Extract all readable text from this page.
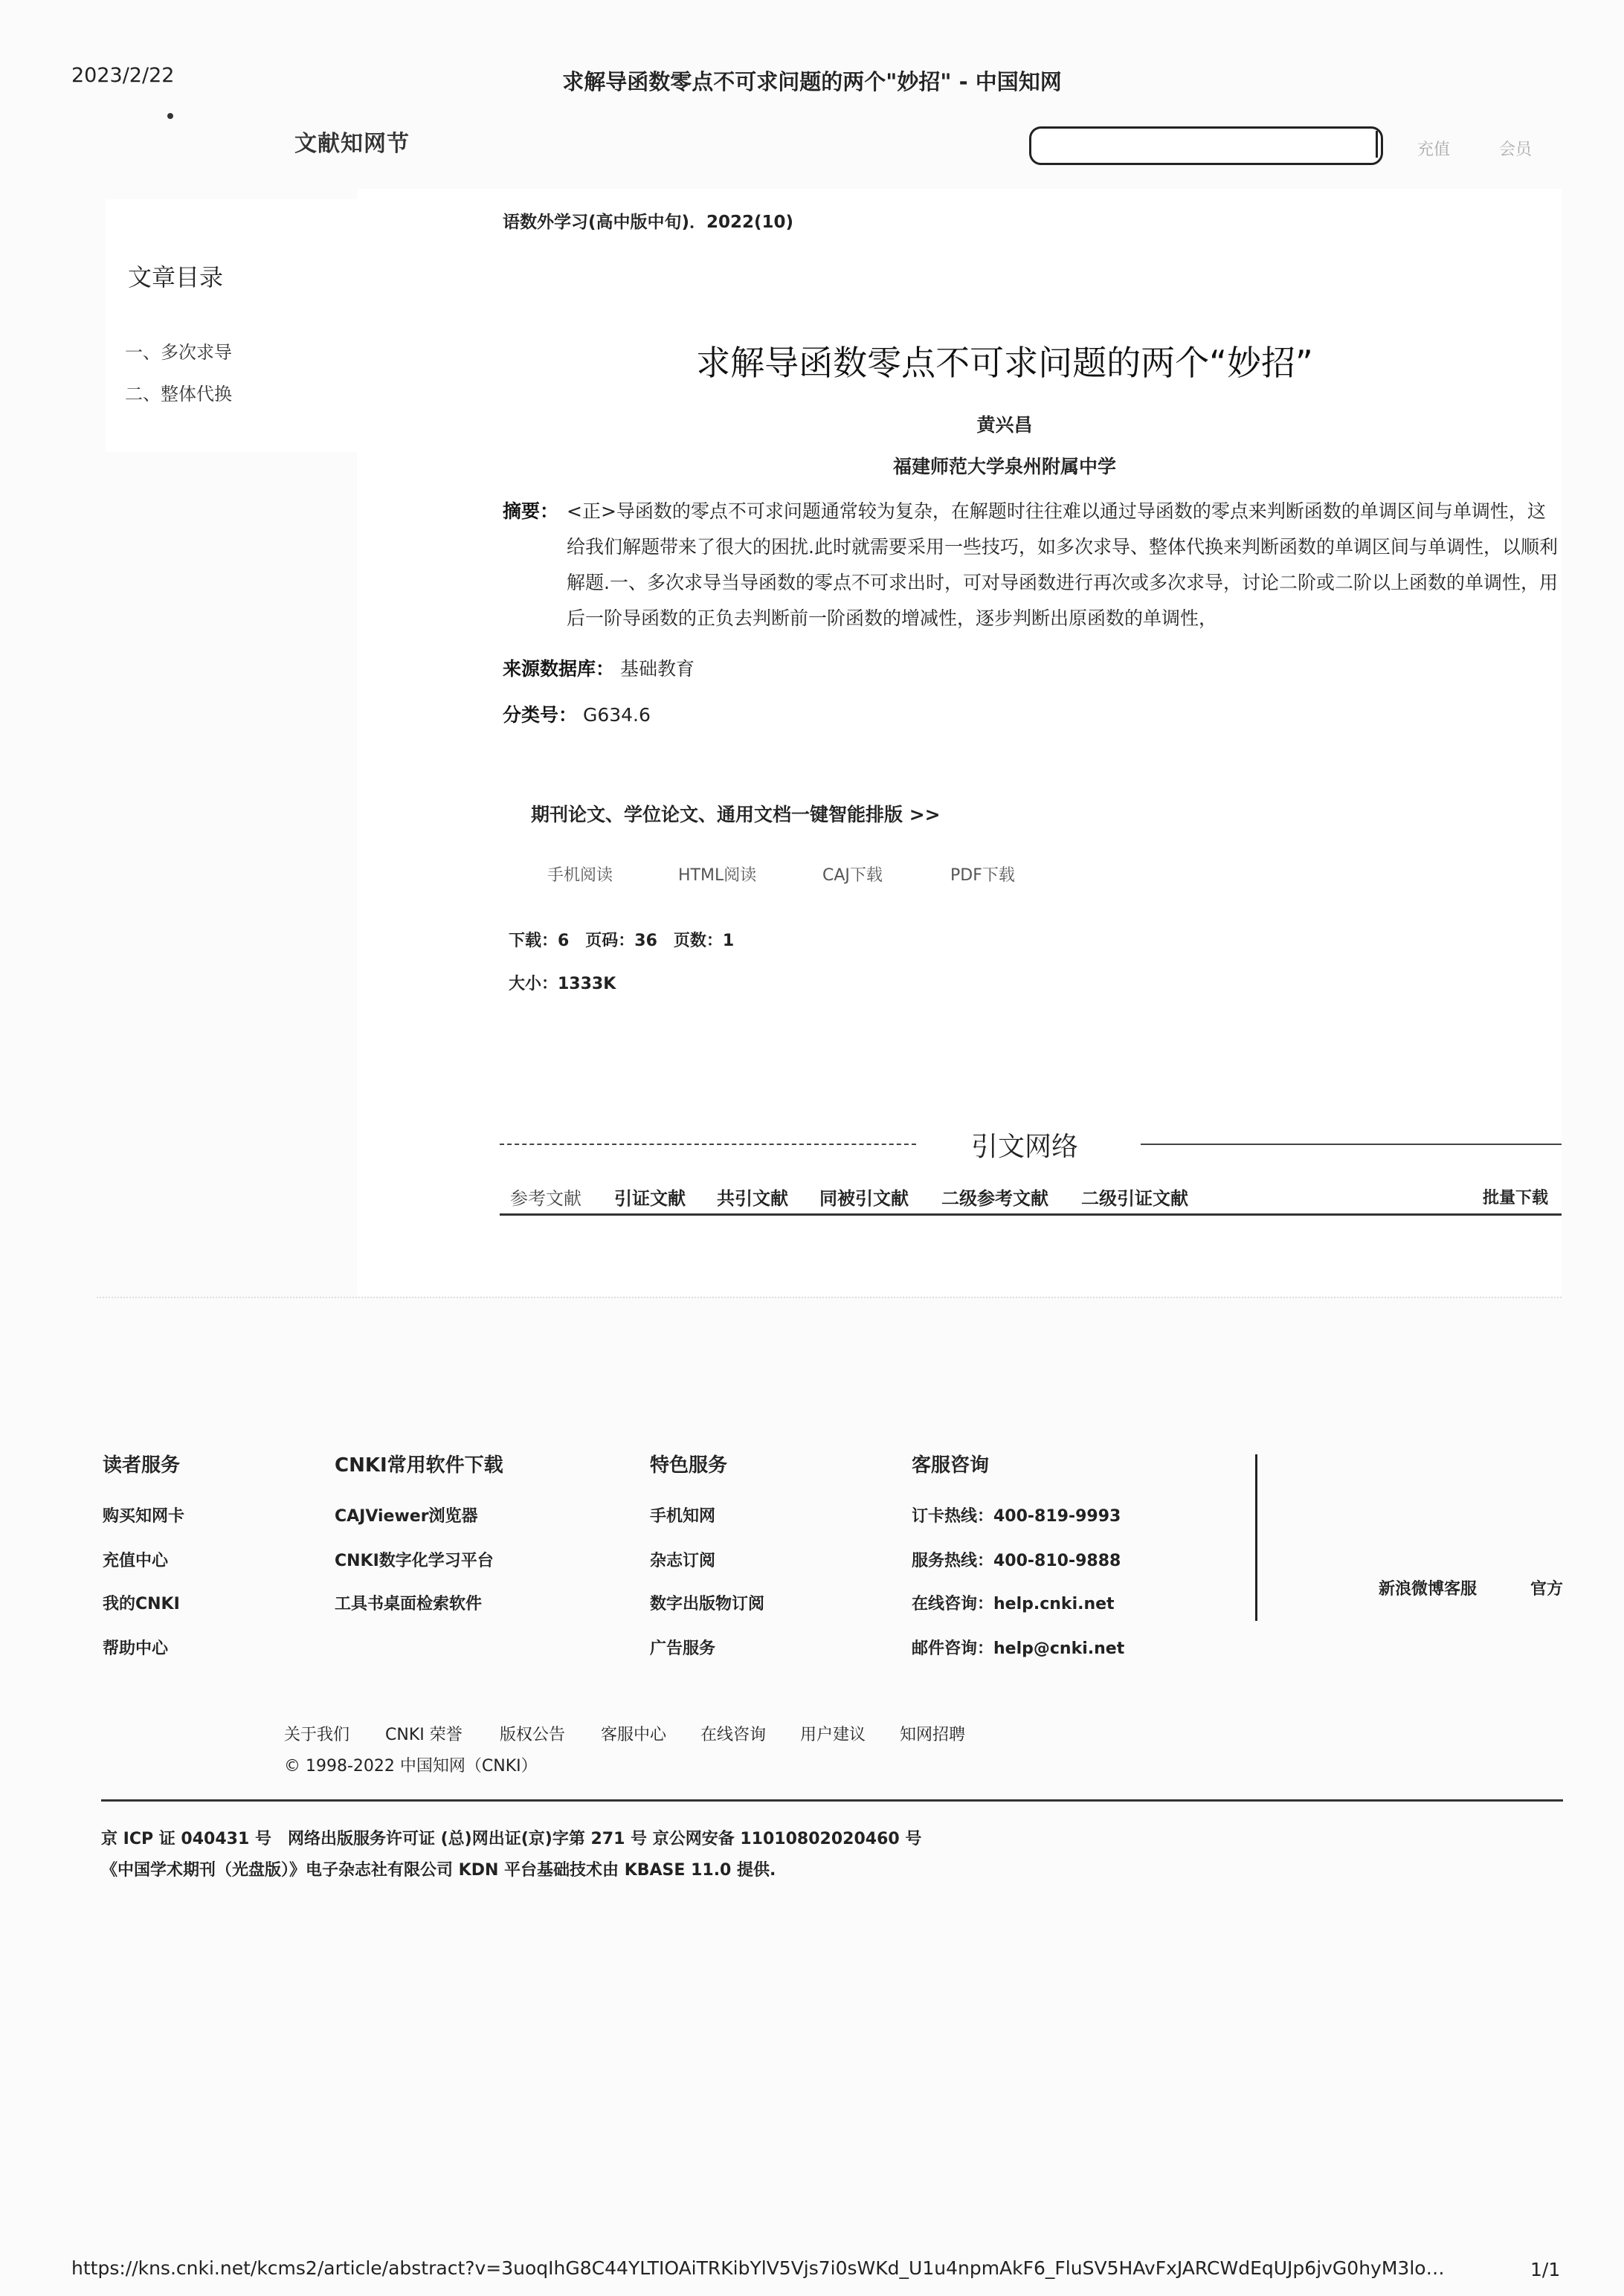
2023/2/22	求解导函数零点不可求问题的两个"妙招" - 中国知网
文献知网节	充值	会员
文章目录
一、多次求导
二、整体代换
语数外学习(高中版中旬)．2022(10)
求解导函数零点不可求问题的两个“妙招”
黄兴昌
福建师范大学泉州附属中学
摘要： <正>导函数的零点不可求问题通常较为复杂，在解题时往往难以通过导函数的零点来判断函数的单调区间与单调性，这给我们解题带来了很大的困扰.此时就需要采用一些技巧，如多次求导、整体代换来判断函数的单调区间与单调性，以顺利解题.一、多次求导当导函数的零点不可求出时，可对导函数进行再次或多次求导，讨论二阶或二阶以上函数的单调性，用后一阶导函数的正负去判断前一阶函数的增减性，逐步判断出原函数的单调性，
来源数据库： 基础教育
分类号： G634.6
期刊论文、学位论文、通用文档一键智能排版 >>
手机阅读	HTML阅读	CAJ下载	PDF下载
下载：6　页码：36　页数：1
大小：1333K
引文网络
参考文献 引证文献 共引文献 同被引文献 二级参考文献 二级引证文献	批量下载
读者服务
购买知网卡
充值中心
我的CNKI
帮助中心
CNKI常用软件下载
CAJViewer浏览器
CNKI数字化学习平台
工具书桌面检索软件
特色服务
手机知网
杂志订阅
数字出版物订阅
广告服务
客服咨询
订卡热线：400-819-9993
服务热线：400-810-9888
在线咨询：help.cnki.net
邮件咨询：help@cnki.net
新浪微博客服	官方
关于我们 CNKI 荣誉 版权公告 客服中心 在线咨询 用户建议 知网招聘
© 1998-2022 中国知网（CNKI）
京 ICP 证 040431 号　网络出版服务许可证 (总)网出证(京)字第 271 号 京公网安备 11010802020460 号
《中国学术期刊（光盘版）》电子杂志社有限公司 KDN 平台基础技术由 KBASE 11.0 提供.
https://kns.cnki.net/kcms2/article/abstract?v=3uoqIhG8C44YLTIOAiTRKibYlV5Vjs7i0sWKd_U1u4npmAkF6_FluSV5HAvFxJARCWdEqUJp6jvG0hyM3lo…	1/1
